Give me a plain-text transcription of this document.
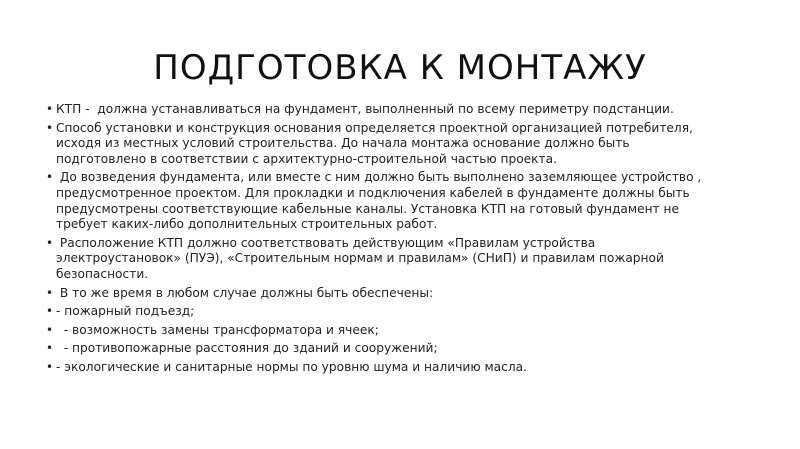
ПОДГОТОВКА К МОНТАЖУ
• КТП -  должна устанавливаться на фундамент, выполненный по всему периметру подстанции.
• Способ установки и конструкция основания определяется проектной организацией потребителя, исходя из местных условий строительства. До начала монтажа основание должно быть подготовлено в соответствии с архитектурно-строительной частью проекта.
• До возведения фундамента, или вместе с ним должно быть выполнено заземляющее устройство , предусмотренное проектом. Для прокладки и подключения кабелей в фундаменте должны быть предусмотрены соответствующие кабельные каналы. Установка КТП на готовый фундамент не требует каких-либо дополнительных строительных работ.
• Расположение КТП должно соответствовать действующим «Правилам устройства электроустановок» (ПУЭ), «Строительным нормам и правилам» (СНиП) и правилам пожарной безопасности.
• В то же время в любом случае должны быть обеспечены:
• - пожарный подъезд;
• - возможность замены трансформатора и ячеек;
• - противопожарные расстояния до зданий и сооружений;
• - экологические и санитарные нормы по уровню шума и наличию масла.
